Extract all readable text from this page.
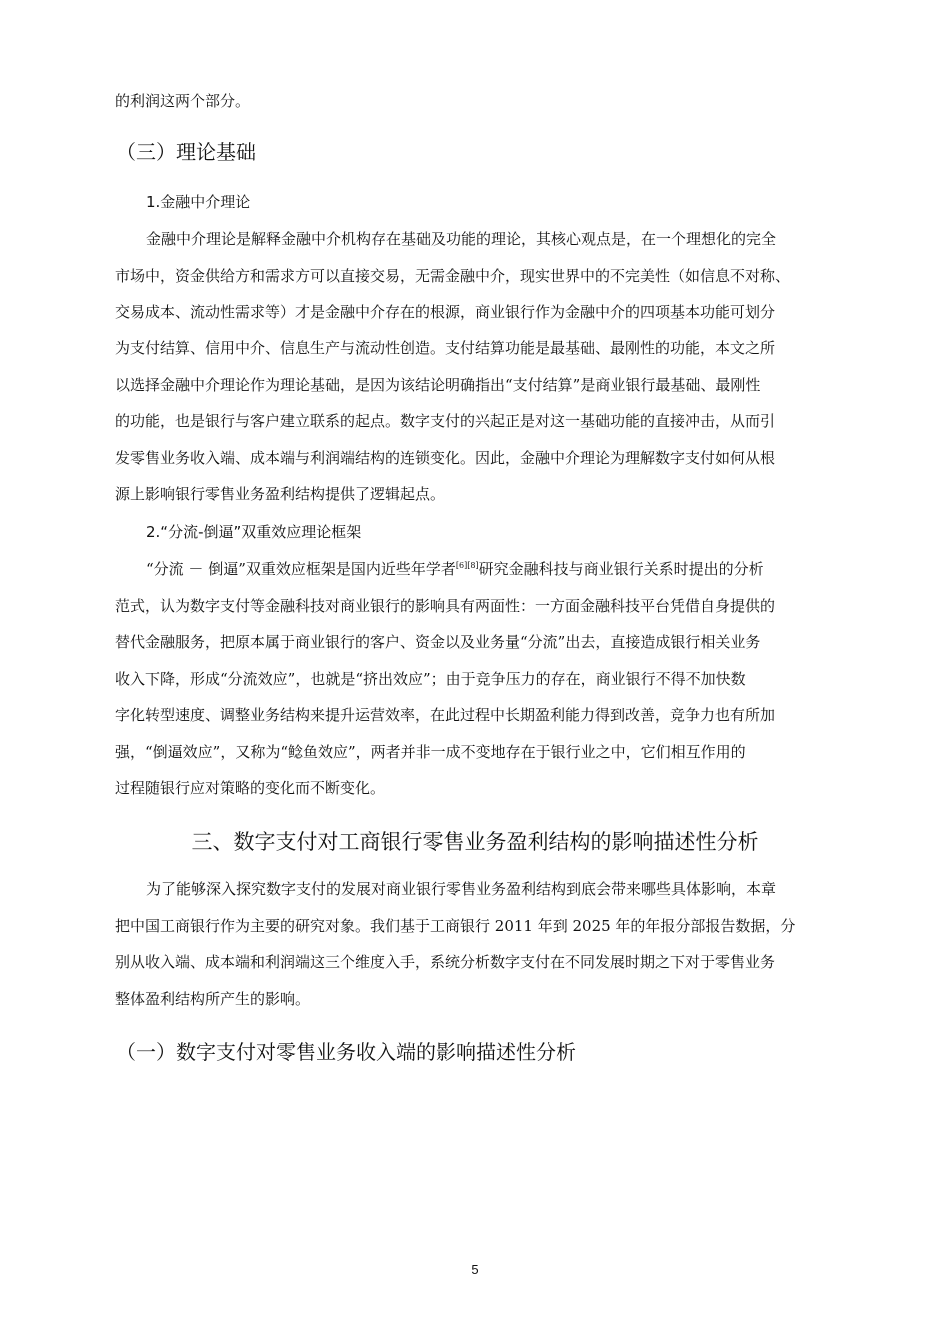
的利润这两个部分。
（三）理论基础
1.金融中介理论
金融中介理论是解释金融中介机构存在基础及功能的理论，其核心观点是，在一个理想化的完全
市场中，资金供给方和需求方可以直接交易，无需金融中介，现实世界中的不完美性（如信息不对称、
交易成本、流动性需求等）才是金融中介存在的根源，商业银行作为金融中介的四项基本功能可划分
为支付结算、信用中介、信息生产与流动性创造。支付结算功能是最基础、最刚性的功能，本文之所
以选择金融中介理论作为理论基础，是因为该结论明确指出“支付结算”是商业银行最基础、最刚性
的功能，也是银行与客户建立联系的起点。数字支付的兴起正是对这一基础功能的直接冲击，从而引
发零售业务收入端、成本端与利润端结构的连锁变化。因此，金融中介理论为理解数字支付如何从根
源上影响银行零售业务盈利结构提供了逻辑起点。
2.“分流-倒逼”双重效应理论框架
“分流 － 倒逼”双重效应框架是国内近些年学者[6][8]研究金融科技与商业银行关系时提出的分析
范式，认为数字支付等金融科技对商业银行的影响具有两面性：一方面金融科技平台凭借自身提供的
替代金融服务，把原本属于商业银行的客户、资金以及业务量“分流”出去，直接造成银行相关业务
收入下降，形成“分流效应”，也就是“挤出效应”；由于竞争压力的存在，商业银行不得不加快数
字化转型速度、调整业务结构来提升运营效率，在此过程中长期盈利能力得到改善，竞争力也有所加
强，“倒逼效应”，又称为“鲶鱼效应”，两者并非一成不变地存在于银行业之中，它们相互作用的
过程随银行应对策略的变化而不断变化。
三、数字支付对工商银行零售业务盈利结构的影响描述性分析
为了能够深入探究数字支付的发展对商业银行零售业务盈利结构到底会带来哪些具体影响，本章
把中国工商银行作为主要的研究对象。我们基于工商银行 2011 年到 2025 年的年报分部报告数据，分
别从收入端、成本端和利润端这三个维度入手，系统分析数字支付在不同发展时期之下对于零售业务
整体盈利结构所产生的影响。
（一）数字支付对零售业务收入端的影响描述性分析
5
